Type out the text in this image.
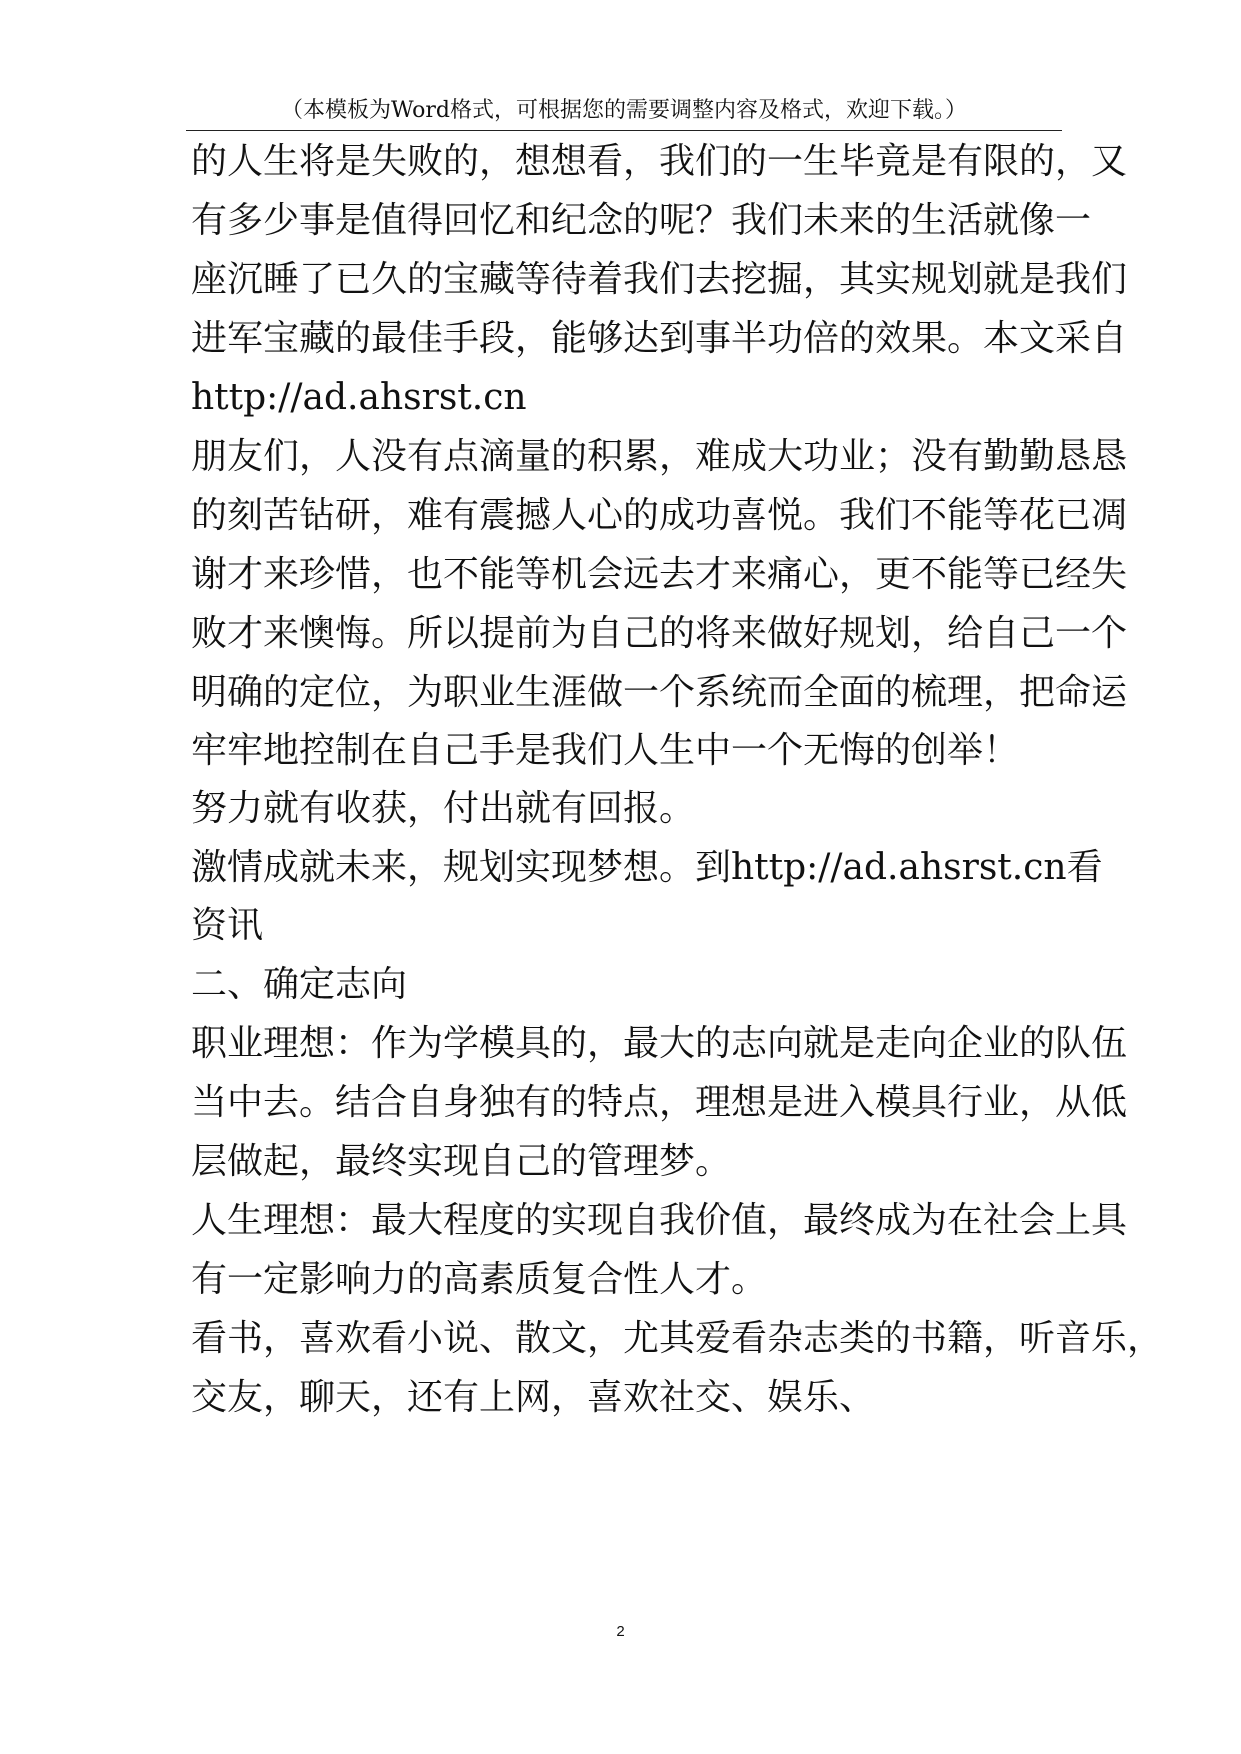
（本模板为Word格式，可根据您的需要调整内容及格式，欢迎下载。）
的人生将是失败的，想想看，我们的一生毕竟是有限的，又
有多少事是值得回忆和纪念的呢？我们未来的生活就像一
座沉睡了已久的宝藏等待着我们去挖掘，其实规划就是我们
进军宝藏的最佳手段，能够达到事半功倍的效果。本文采自
http://ad.ahsrst.cn
朋友们，人没有点滴量的积累，难成大功业；没有勤勤恳恳
的刻苦钻研，难有震撼人心的成功喜悦。我们不能等花已凋
谢才来珍惜，也不能等机会远去才来痛心，更不能等已经失
败才来懊悔。所以提前为自己的将来做好规划，给自己一个
明确的定位，为职业生涯做一个系统而全面的梳理，把命运
牢牢地控制在自己手是我们人生中一个无悔的创举！
努力就有收获，付出就有回报。
激情成就未来，规划实现梦想。到http://ad.ahsrst.cn看
资讯
二、确定志向
职业理想：作为学模具的，最大的志向就是走向企业的队伍
当中去。结合自身独有的特点，理想是进入模具行业，从低
层做起，最终实现自己的管理梦。
人生理想：最大程度的实现自我价值，最终成为在社会上具
有一定影响力的高素质复合性人才。
看书，喜欢看小说、散文，尤其爱看杂志类的书籍，听音乐，
交友，聊天，还有上网，喜欢社交、娱乐、
2
